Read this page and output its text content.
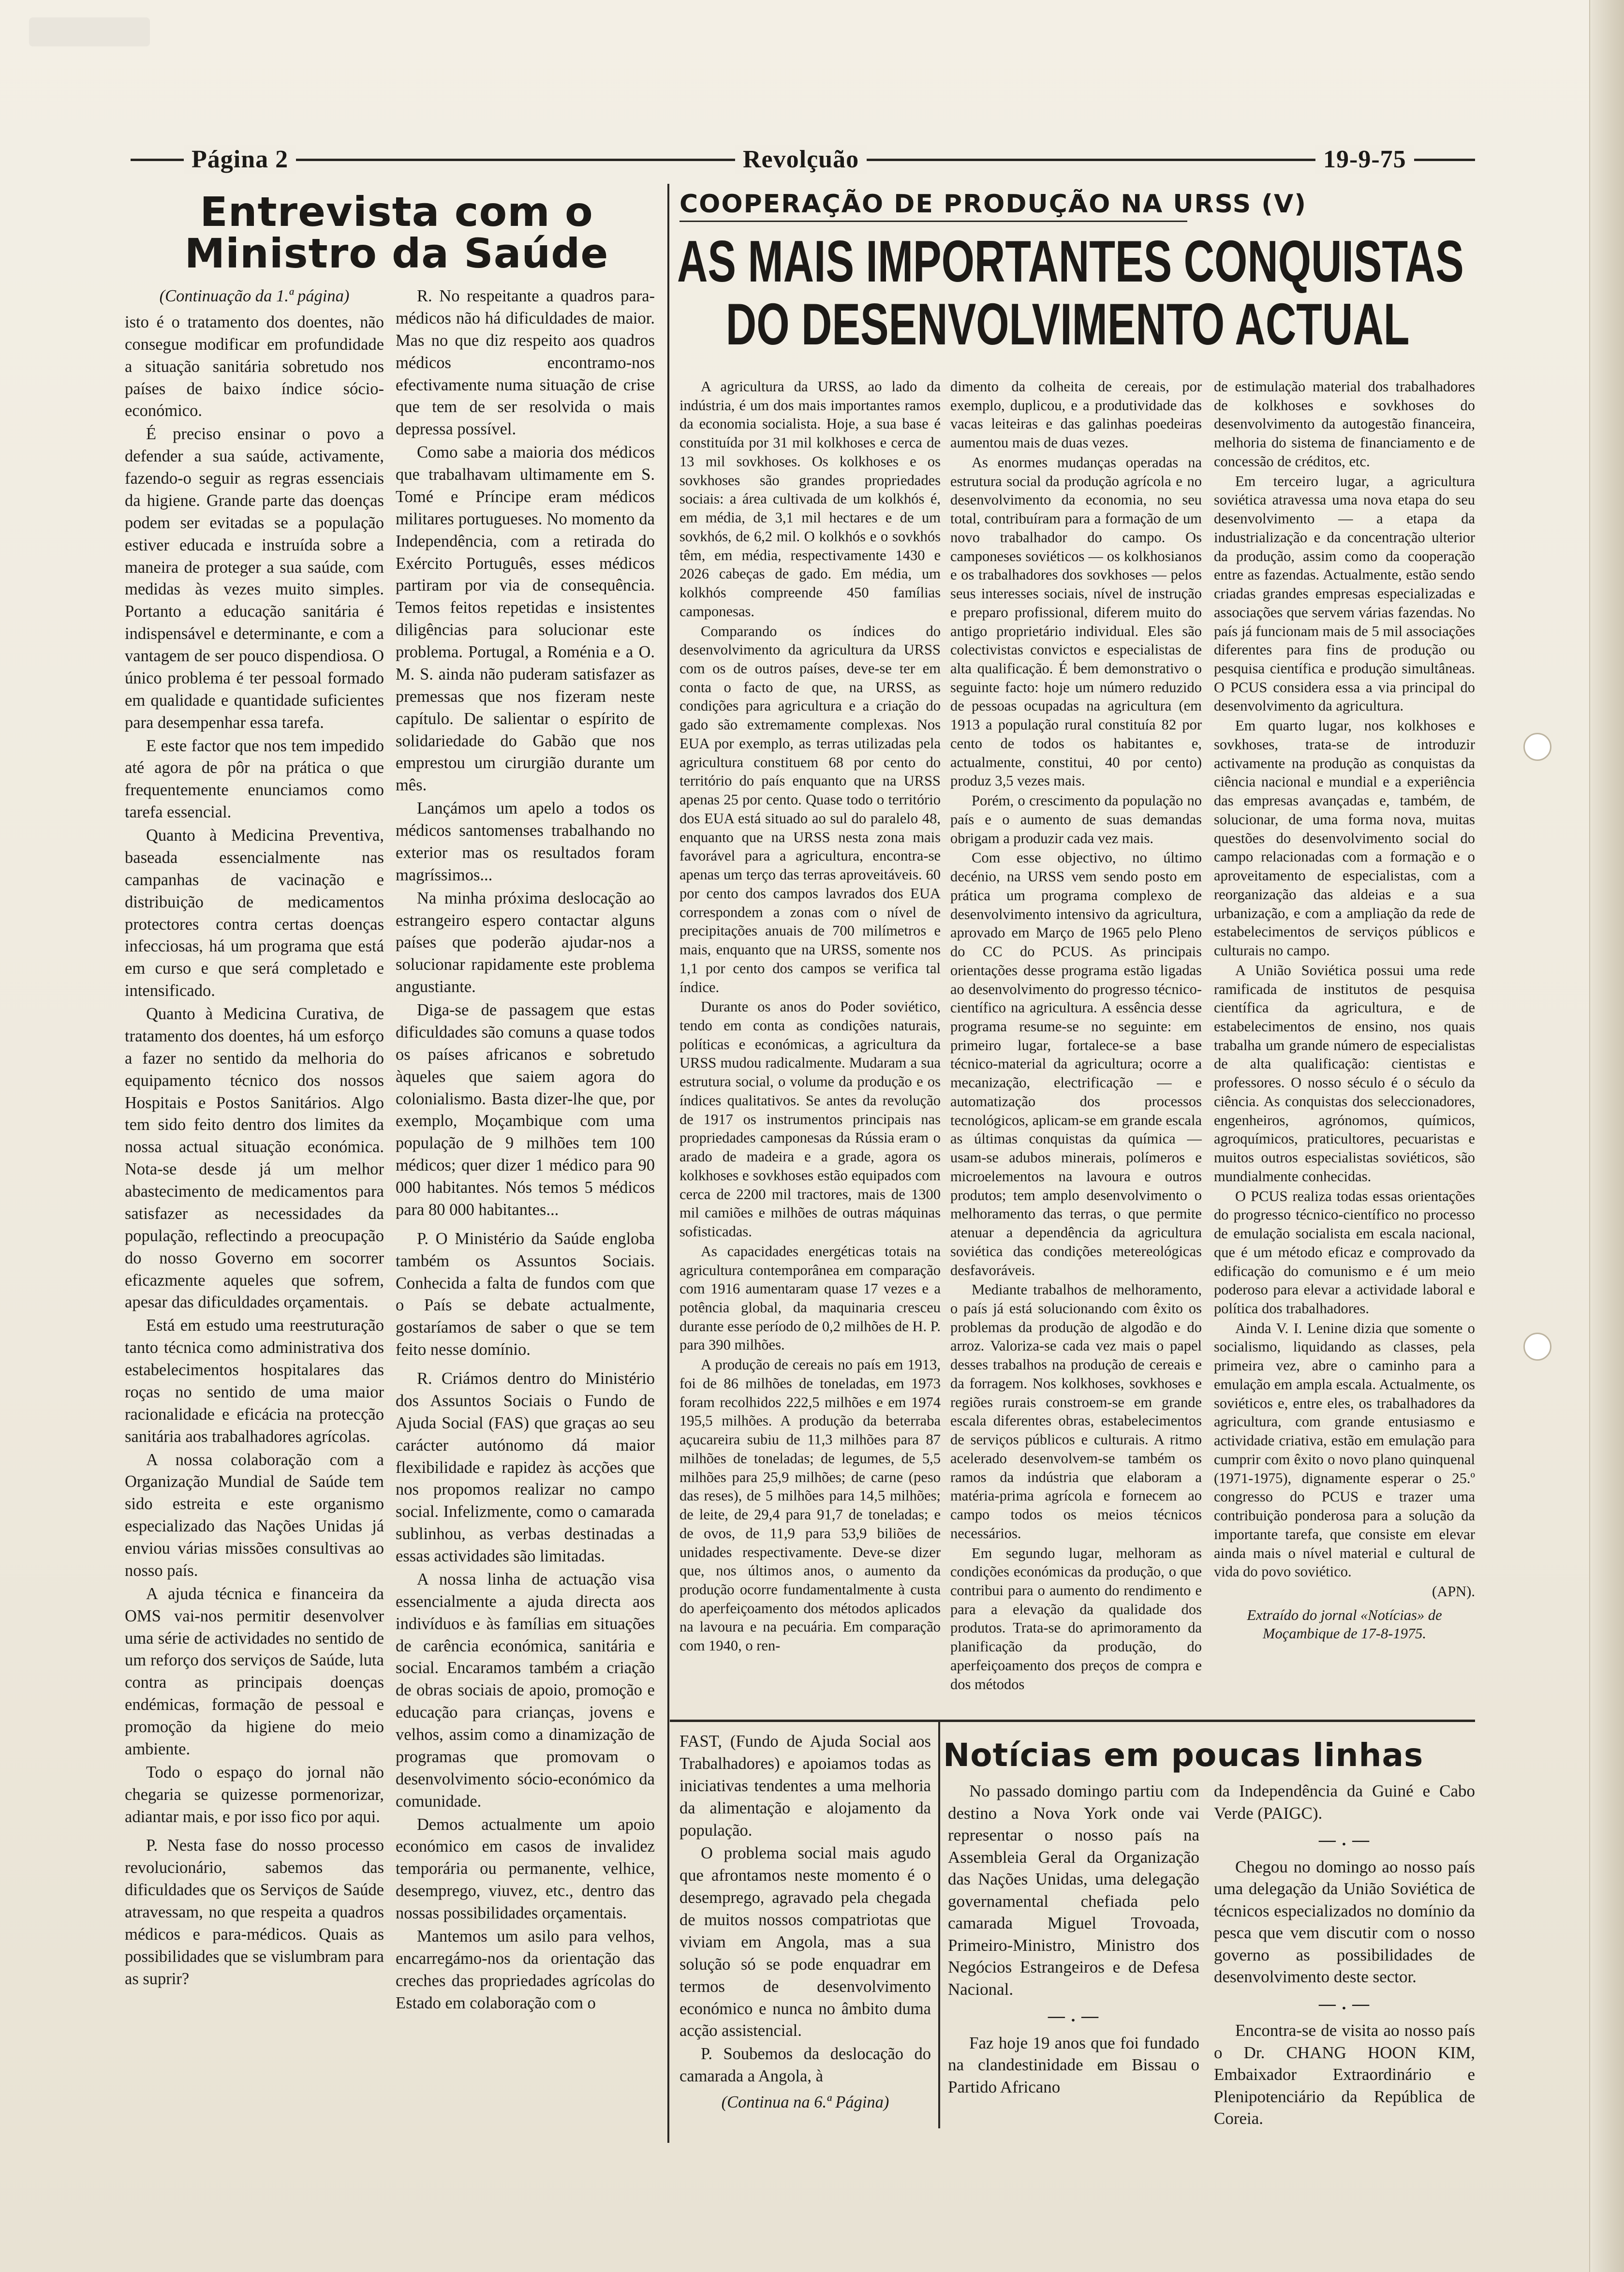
Página 2	Revolçuão	19-9-75
Entrevista com o Ministro da Saúde

(Continuação da 1.ª página)

isto é o tratamento dos doentes, não consegue modificar em profundidade a situação sanitária sobretudo nos países de baixo índice sócio-económico.

É preciso ensinar o povo a defender a sua saúde, activamente, fazendo-o seguir as regras essenciais da higiene. Grande parte das doenças podem ser evitadas se a população estiver educada e instruída sobre a maneira de proteger a sua saúde, com medidas às vezes muito simples. Portanto a educação sanitária é indispensável e determinante, e com a vantagem de ser pouco dispendiosa. O único problema é ter pessoal formado em qualidade e quantidade suficientes para desempenhar essa tarefa.

E este factor que nos tem impedido até agora de pôr na prática o que frequentemente enunciamos como tarefa essencial.

Quanto à Medicina Preventiva, baseada essencialmente nas campanhas de vacinação e distribuição de medicamentos protectores contra certas doenças infecciosas, há um programa que está em curso e que será completado e intensificado.

Quanto à Medicina Curativa, de tratamento dos doentes, há um esforço a fazer no sentido da melhoria do equipamento técnico dos nossos Hospitais e Postos Sanitários. Algo tem sido feito dentro dos limites da nossa actual situação económica. Nota-se desde já um melhor abastecimento de medicamentos para satisfazer as necessidades da população, reflectindo a preocupação do nosso Governo em socorrer eficazmente aqueles que sofrem, apesar das dificuldades orçamentais.

Está em estudo uma reestruturação tanto técnica como administrativa dos estabelecimentos hospitalares das roças no sentido de uma maior racionalidade e eficácia na protecção sanitária aos trabalhadores agrícolas.

A nossa colaboração com a Organização Mundial de Saúde tem sido estreita e este organismo especializado das Nações Unidas já enviou várias missões consultivas ao nosso país.

A ajuda técnica e financeira da OMS vai-nos permitir desenvolver uma série de actividades no sentido de um reforço dos serviços de Saúde, luta contra as principais doenças endémicas, formação de pessoal e promoção da higiene do meio ambiente.

Todo o espaço do jornal não chegaria se quizesse pormenorizar, adiantar mais, e por isso fico por aqui.

P. Nesta fase do nosso processo revolucionário, sabemos das dificuldades que os Serviços de Saúde atravessam, no que respeita a quadros médicos e para-médicos. Quais as possibilidades que se vislumbram para as suprir?

R. No respeitante a quadros para-médicos não há dificuldades de maior. Mas no que diz respeito aos quadros médicos encontramo-nos efectivamente numa situação de crise que tem de ser resolvida o mais depressa possível.

Como sabe a maioria dos médicos que trabalhavam ultimamente em S. Tomé e Príncipe eram médicos militares portugueses. No momento da Independência, com a retirada do Exército Português, esses médicos partiram por via de consequência. Temos feitos repetidas e insistentes diligências para solucionar este problema. Portugal, a Roménia e a O. M. S. ainda não puderam satisfazer as premessas que nos fizeram neste capítulo. De salientar o espírito de solidariedade do Gabão que nos emprestou um cirurgião durante um mês.

Lançámos um apelo a todos os médicos santomenses trabalhando no exterior mas os resultados foram magríssimos...

Na minha próxima deslocação ao estrangeiro espero contactar alguns países que poderão ajudar-nos a solucionar rapidamente este problema angustiante.

Diga-se de passagem que estas dificuldades são comuns a quase todos os países africanos e sobretudo àqueles que saiem agora do colonialismo. Basta dizer-lhe que, por exemplo, Moçambique com uma população de 9 milhões tem 100 médicos; quer dizer 1 médico para 90 000 habitantes. Nós temos 5 médicos para 80 000 habitantes...

P. O Ministério da Saúde engloba também os Assuntos Sociais. Conhecida a falta de fundos com que o País se debate actualmente, gostaríamos de saber o que se tem feito nesse domínio.

R. Criámos dentro do Ministério dos Assuntos Sociais o Fundo de Ajuda Social (FAS) que graças ao seu carácter autónomo dá maior flexibilidade e rapidez às acções que nos propomos realizar no campo social. Infelizmente, como o camarada sublinhou, as verbas destinadas a essas actividades são limitadas.

A nossa linha de actuação visa essencialmente a ajuda directa aos indivíduos e às famílias em situações de carência económica, sanitária e social. Encaramos também a criação de obras sociais de apoio, promoção e educação para crianças, jovens e velhos, assim como a dinamização de programas que promovam o desenvolvimento sócio-económico da comunidade.

Demos actualmente um apoio económico em casos de invalidez temporária ou permanente, velhice, desemprego, viuvez, etc., dentro das nossas possibilidades orçamentais.

Mantemos um asilo para velhos, encarregámo-nos da orientação das creches das propriedades agrícolas do Estado em colaboração com o

COOPERAÇÃO DE PRODUÇÃO NA URSS (V)
AS MAIS IMPORTANTES CONQUISTAS
DO DESENVOLVIMENTO ACTUAL

A agricultura da URSS, ao lado da indústria, é um dos mais importantes ramos da economia socialista. Hoje, a sua base é constituída por 31 mil kolkhoses e cerca de 13 mil sovkhoses. Os kolkhoses e os sovkhoses são grandes propriedades sociais: a área cultivada de um kolkhós é, em média, de 3,1 mil hectares e de um sovkhós, de 6,2 mil. O kolkhós e o sovkhós têm, em média, respectivamente 1430 e 2026 cabeças de gado. Em média, um kolkhós compreende 450 famílias camponesas.

Comparando os índices do desenvolvimento da agricultura da URSS com os de outros países, deve-se ter em conta o facto de que, na URSS, as condições para agricultura e a criação do gado são extremamente complexas. Nos EUA por exemplo, as terras utilizadas pela agricultura constituem 68 por cento do território do país enquanto que na URSS apenas 25 por cento. Quase todo o território dos EUA está situado ao sul do paralelo 48, enquanto que na URSS nesta zona mais favorável para a agricultura, encontra-se apenas um terço das terras aproveitáveis. 60 por cento dos campos lavrados dos EUA correspondem a zonas com o nível de precipitações anuais de 700 milímetros e mais, enquanto que na URSS, somente nos 1,1 por cento dos campos se verifica tal índice.

Durante os anos do Poder soviético, tendo em conta as condições naturais, políticas e económicas, a agricultura da URSS mudou radicalmente. Mudaram a sua estrutura social, o volume da produção e os índices qualitativos. Se antes da revolução de 1917 os instrumentos principais nas propriedades camponesas da Rússia eram o arado de madeira e a grade, agora os kolkhoses e sovkhoses estão equipados com cerca de 2200 mil tractores, mais de 1300 mil camiões e milhões de outras máquinas sofisticadas.

As capacidades energéticas totais na agricultura contemporânea em comparação com 1916 aumentaram quase 17 vezes e a potência global, da maquinaria cresceu durante esse período de 0,2 milhões de H. P. para 390 milhões.

A produção de cereais no país em 1913, foi de 86 milhões de toneladas, em 1973 foram recolhidos 222,5 milhões e em 1974 195,5 milhões. A produção da beterraba açucareira subiu de 11,3 milhões para 87 milhões de toneladas; de legumes, de 5,5 milhões para 25,9 milhões; de carne (peso das reses), de 5 milhões para 14,5 milhões; de leite, de 29,4 para 91,7 de toneladas; e de ovos, de 11,9 para 53,9 biliões de unidades respectivamente. Deve-se dizer que, nos últimos anos, o aumento da produção ocorre fundamentalmente à custa do aperfeiçoamento dos métodos aplicados na lavoura e na pecuária. Em comparação com 1940, o ren-

dimento da colheita de cereais, por exemplo, duplicou, e a produtividade das vacas leiteiras e das galinhas poedeiras aumentou mais de duas vezes.

As enormes mudanças operadas na estrutura social da produção agrícola e no desenvolvimento da economia, no seu total, contribuíram para a formação de um novo trabalhador do campo. Os camponeses soviéticos — os kolkhosianos e os trabalhadores dos sovkhoses — pelos seus interesses sociais, nível de instrução e preparo profissional, diferem muito do antigo proprietário individual. Eles são colectivistas convictos e especialistas de alta qualificação. É bem demonstrativo o seguinte facto: hoje um número reduzido de pessoas ocupadas na agricultura (em 1913 a população rural constituía 82 por cento de todos os habitantes e, actualmente, constitui, 40 por cento) produz 3,5 vezes mais.

Porém, o crescimento da população no país e o aumento de suas demandas obrigam a produzir cada vez mais.

Com esse objectivo, no último decénio, na URSS vem sendo posto em prática um programa complexo de desenvolvimento intensivo da agricultura, aprovado em Março de 1965 pelo Pleno do CC do PCUS. As principais orientações desse programa estão ligadas ao desenvolvimento do progresso técnico-científico na agricultura. A essência desse programa resume-se no seguinte: em primeiro lugar, fortalece-se a base técnico-material da agricultura; ocorre a mecanização, electrificação — e automatização dos processos tecnológicos, aplicam-se em grande escala as últimas conquistas da química — usam-se adubos minerais, polímeros e microelementos na lavoura e outros produtos; tem amplo desenvolvimento o melhoramento das terras, o que permite atenuar a dependência da agricultura soviética das condições metereológicas desfavoráveis.

Mediante trabalhos de melhoramento, o país já está solucionando com êxito os problemas da produção de algodão e do arroz. Valoriza-se cada vez mais o papel desses trabalhos na produção de cereais e da forragem. Nos kolkhoses, sovkhoses e regiões rurais constroem-se em grande escala diferentes obras, estabelecimentos de serviços públicos e culturais. A ritmo acelerado desenvolvem-se também os ramos da indústria que elaboram a matéria-prima agrícola e fornecem ao campo todos os meios técnicos necessários.

Em segundo lugar, melhoram as condições económicas da produção, o que contribui para o aumento do rendimento e para a elevação da qualidade dos produtos. Trata-se do aprimoramento da planificação da produção, do aperfeiçoamento dos preços de compra e dos métodos

de estimulação material dos trabalhadores de kolkhoses e sovkhoses do desenvolvimento da autogestão financeira, melhoria do sistema de financiamento e de concessão de créditos, etc.

Em terceiro lugar, a agricultura soviética atravessa uma nova etapa do seu desenvolvimento — a etapa da industrialização e da concentração ulterior da produção, assim como da cooperação entre as fazendas. Actualmente, estão sendo criadas grandes empresas especializadas e associações que servem várias fazendas. No país já funcionam mais de 5 mil associações diferentes para fins de produção ou pesquisa científica e produção simultâneas. O PCUS considera essa a via principal do desenvolvimento da agricultura.

Em quarto lugar, nos kolkhoses e sovkhoses, trata-se de introduzir activamente na produção as conquistas da ciência nacional e mundial e a experiência das empresas avançadas e, também, de solucionar, de uma forma nova, muitas questões do desenvolvimento social do campo relacionadas com a formação e o aproveitamento de especialistas, com a reorganização das aldeias e a sua urbanização, e com a ampliação da rede de estabelecimentos de serviços públicos e culturais no campo.

A União Soviética possui uma rede ramificada de institutos de pesquisa científica da agricultura, e de estabelecimentos de ensino, nos quais trabalha um grande número de especialistas de alta qualificação: cientistas e professores. O nosso século é o século da ciência. As conquistas dos seleccionadores, engenheiros, agrónomos, químicos, agroquímicos, praticultores, pecuaristas e muitos outros especialistas soviéticos, são mundialmente conhecidas.

O PCUS realiza todas essas orientações do progresso técnico-científico no processo de emulação socialista em escala nacional, que é um método eficaz e comprovado da edificação do comunismo e é um meio poderoso para elevar a actividade laboral e política dos trabalhadores.

Ainda V. I. Lenine dizia que somente o socialismo, liquidando as classes, pela primeira vez, abre o caminho para a emulação em ampla escala. Actualmente, os soviéticos e, entre eles, os trabalhadores da agricultura, com grande entusiasmo e actividade criativa, estão em emulação para cumprir com êxito o novo plano quinquenal (1971-1975), dignamente esperar o 25.º congresso do PCUS e trazer uma contribuição ponderosa para a solução da importante tarefa, que consiste em elevar ainda mais o nível material e cultural de vida do povo soviético.

(APN).

Extraído do jornal «Notícias» de Moçambique de 17-8-1975.

FAST, (Fundo de Ajuda Social aos Trabalhadores) e apoiamos todas as iniciativas tendentes a uma melhoria da alimentação e alojamento da população.

O problema social mais agudo que afrontamos neste momento é o desemprego, agravado pela chegada de muitos nossos compatriotas que viviam em Angola, mas a sua solução só se pode enquadrar em termos de desenvolvimento económico e nunca no âmbito duma acção assistencial.

P. Soubemos da deslocação do camarada a Angola, à

(Continua na 6.ª Página)

Notícias em poucas linhas

No passado domingo partiu com destino a Nova York onde vai representar o nosso país na Assembleia Geral da Organização das Nações Unidas, uma delegação governamental chefiada pelo camarada Miguel Trovoada, Primeiro-Ministro, Ministro dos Negócios Estrangeiros e de Defesa Nacional.

— . —

Faz hoje 19 anos que foi fundado na clandestinidade em Bissau o Partido Africano

da Independência da Guiné e Cabo Verde (PAIGC).

— . —

Chegou no domingo ao nosso país uma delegação da União Soviética de técnicos especializados no domínio da pesca que vem discutir com o nosso governo as possibilidades de desenvolvimento deste sector.

— . —

Encontra-se de visita ao nosso país o Dr. CHANG HOON KIM, Embaixador Extraordinário e Plenipotenciário da República de Coreia.
